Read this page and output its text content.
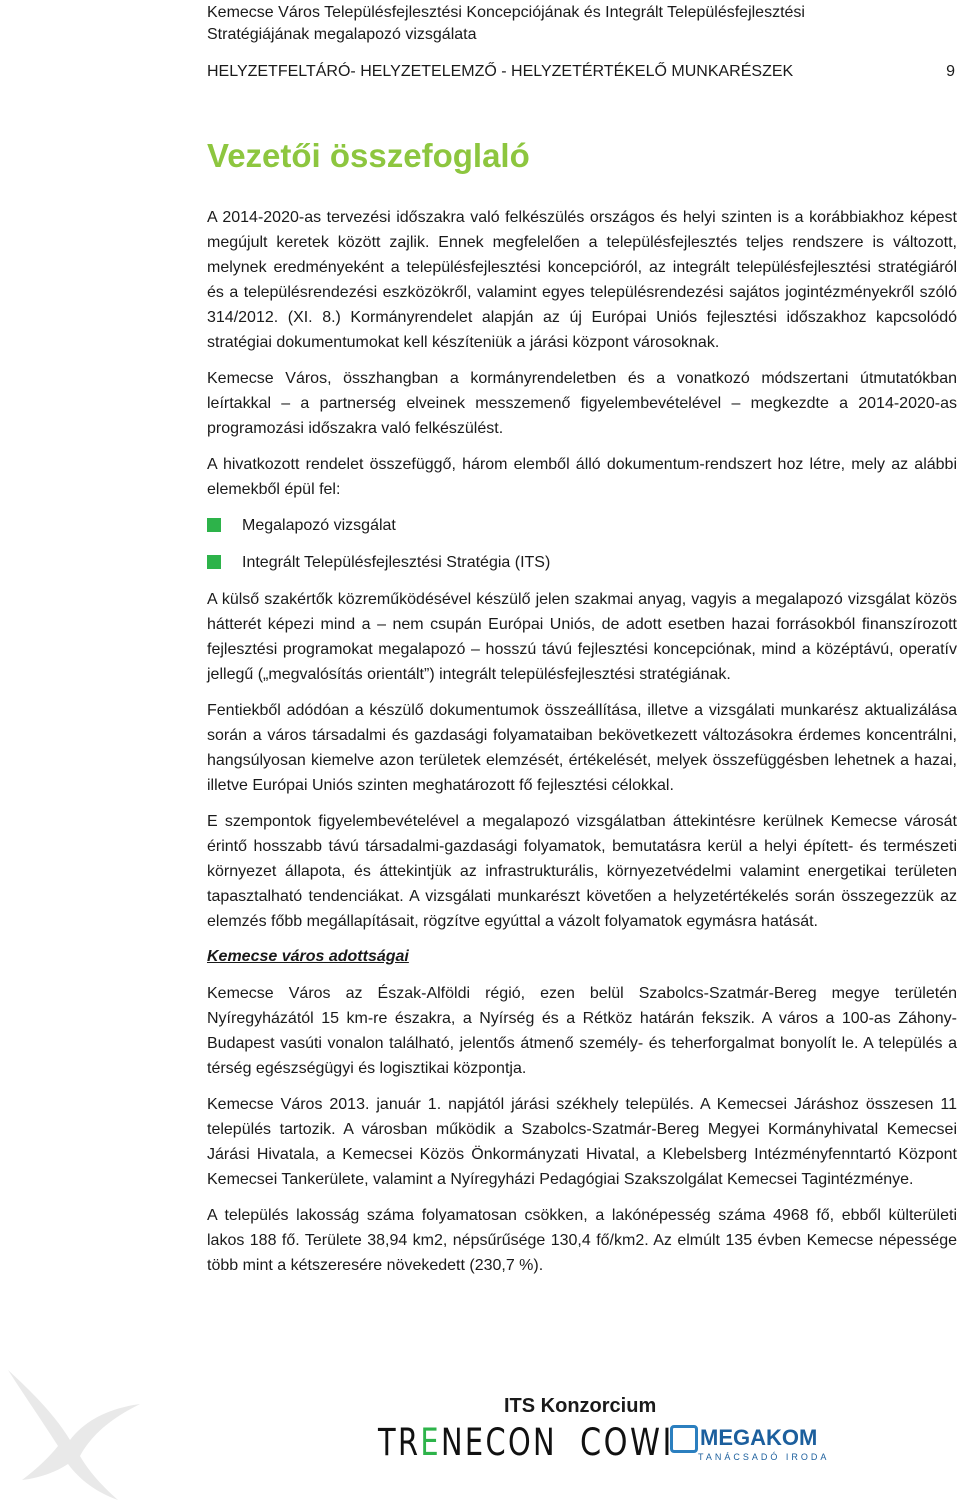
Kemecse Város Településfejlesztési Koncepciójának és Integrált Településfejlesztési Stratégiájának megalapozó vizsgálata
HELYZETFELTÁRÓ- HELYZETELEMZŐ - HELYZETÉRTÉKELŐ MUNKARÉSZEK	9
Vezetői összefoglaló

A 2014-2020-as tervezési időszakra való felkészülés országos és helyi szinten is a korábbiakhoz képest megújult keretek között zajlik. Ennek megfelelően a településfejlesztés teljes rendszere is változott, melynek eredményeként a településfejlesztési koncepcióról, az integrált településfejlesztési stratégiáról és a településrendezési eszközökről, valamint egyes településrendezési sajátos jogintézményekről szóló 314/2012. (XI. 8.) Kormányrendelet alapján az új Európai Uniós fejlesztési időszakhoz kapcsolódó stratégiai dokumentumokat kell készíteniük a járási központ városoknak.

Kemecse Város, összhangban a kormányrendeletben és a vonatkozó módszertani útmutatókban leírtakkal – a partnerség elveinek messzemenő figyelembevételével – megkezdte a 2014-2020-as programozási időszakra való felkészülést.

A hivatkozott rendelet összefüggő, három elemből álló dokumentum-rendszert hoz létre, mely az alábbi elemekből épül fel:

Megalapozó vizsgálat
Integrált Településfejlesztési Stratégia (ITS)

A külső szakértők közreműködésével készülő jelen szakmai anyag, vagyis a megalapozó vizsgálat közös hátterét képezi mind a – nem csupán Európai Uniós, de adott esetben hazai forrásokból finanszírozott fejlesztési programokat megalapozó – hosszú távú fejlesztési koncepciónak, mind a középtávú, operatív jellegű („megvalósítás orientált”) integrált településfejlesztési stratégiának.

Fentiekből adódóan a készülő dokumentumok összeállítása, illetve a vizsgálati munkarész aktualizálása során a város társadalmi és gazdasági folyamataiban bekövetkezett változásokra érdemes koncentrálni, hangsúlyosan kiemelve azon területek elemzését, értékelését, melyek összefüggésben lehetnek a hazai, illetve Európai Uniós szinten meghatározott fő fejlesztési célokkal.

E szempontok figyelembevételével a megalapozó vizsgálatban áttekintésre kerülnek Kemecse városát érintő hosszabb távú társadalmi-gazdasági folyamatok, bemutatásra kerül a helyi épített- és természeti környezet állapota, és áttekintjük az infrastrukturális, környezetvédelmi valamint energetikai területen tapasztalható tendenciákat. A vizsgálati munkarészt követően a helyzetértékelés során összegezzük az elemzés főbb megállapításait, rögzítve egyúttal a vázolt folyamatok egymásra hatását.

Kemecse város adottságai

Kemecse Város az Észak-Alföldi régió, ezen belül Szabolcs-Szatmár-Bereg megye területén Nyíregyházától 15 km-re északra, a Nyírség és a Rétköz határán fekszik. A város a 100-as Záhony-Budapest vasúti vonalon található, jelentős átmenő személy- és teherforgalmat bonyolít le. A település a térség egészségügyi és logisztikai központja.

Kemecse Város 2013. január 1. napjától járási székhely település. A Kemecsei Járáshoz összesen 11 település tartozik. A városban működik a Szabolcs-Szatmár-Bereg Megyei Kormányhivatal Kemecsei Járási Hivatala, a Kemecsei Közös Önkormányzati Hivatal, a Klebelsberg Intézményfenntartó Központ Kemecsei Tankerülete, valamint a Nyíregyházi Pedagógiai Szakszolgálat Kemecsei Tagintézménye.

A település lakosság száma folyamatosan csökken, a lakónépesség száma 4968 fő, ebből külterületi lakos 188 fő. Területe 38,94 km2, népsűrűsége 130,4 fő/km2. Az elmúlt 135 évben Kemecse népessége több mint a kétszeresére növekedett (230,7 %).

ITS Konzorcium
TRENECON COWI MEGAKOM
TANÁCSADÓ IRODA
